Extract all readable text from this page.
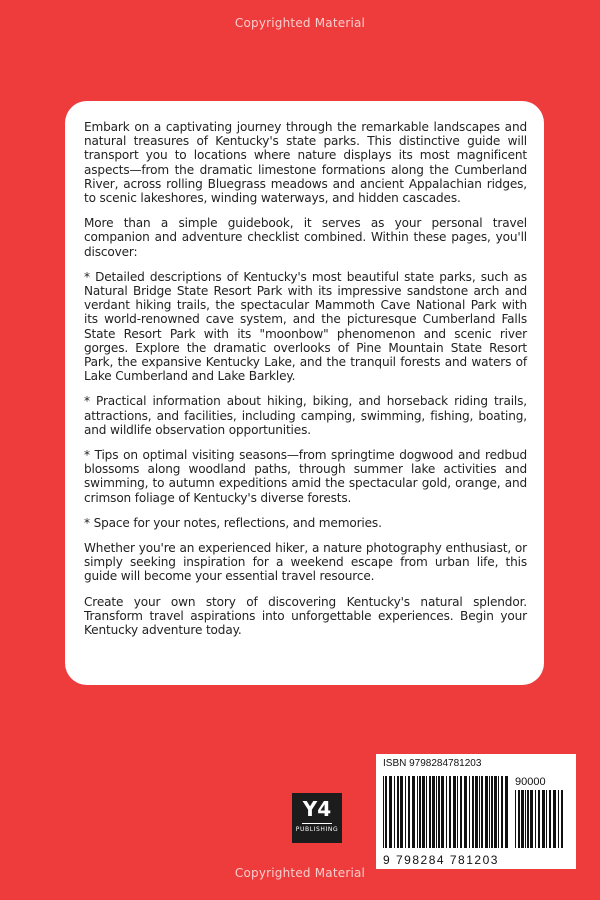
Copyrighted Material

Embark on a captivating journey through the remarkable landscapes and natural treasures of Kentucky's state parks. This distinctive guide will transport you to locations where nature displays its most magnificent aspects—from the dramatic limestone formations along the Cumberland River, across rolling Bluegrass meadows and ancient Appalachian ridges, to scenic lakeshores, winding waterways, and hidden cascades.

More than a simple guidebook, it serves as your personal travel companion and adventure checklist combined. Within these pages, you'll discover:

* Detailed descriptions of Kentucky's most beautiful state parks, such as Natural Bridge State Resort Park with its impressive sandstone arch and verdant hiking trails, the spectacular Mammoth Cave National Park with its world-renowned cave system, and the picturesque Cumberland Falls State Resort Park with its "moonbow" phenomenon and scenic river gorges. Explore the dramatic overlooks of Pine Mountain State Resort Park, the expansive Kentucky Lake, and the tranquil forests and waters of Lake Cumberland and Lake Barkley.

* Practical information about hiking, biking, and horseback riding trails, attractions, and facilities, including camping, swimming, fishing, boating, and wildlife observation opportunities.

* Tips on optimal visiting seasons—from springtime dogwood and redbud blossoms along woodland paths, through summer lake activities and swimming, to autumn expeditions amid the spectacular gold, orange, and crimson foliage of Kentucky's diverse forests.

* Space for your notes, reflections, and memories.

Whether you're an experienced hiker, a nature photography enthusiast, or simply seeking inspiration for a weekend escape from urban life, this guide will become your essential travel resource.

Create your own story of discovering Kentucky's natural splendor. Transform travel aspirations into unforgettable experiences. Begin your Kentucky adventure today.

Y4
PUBLISHING
ISBN 9798284781203
90000
9 798284 781203
Copyrighted Material
